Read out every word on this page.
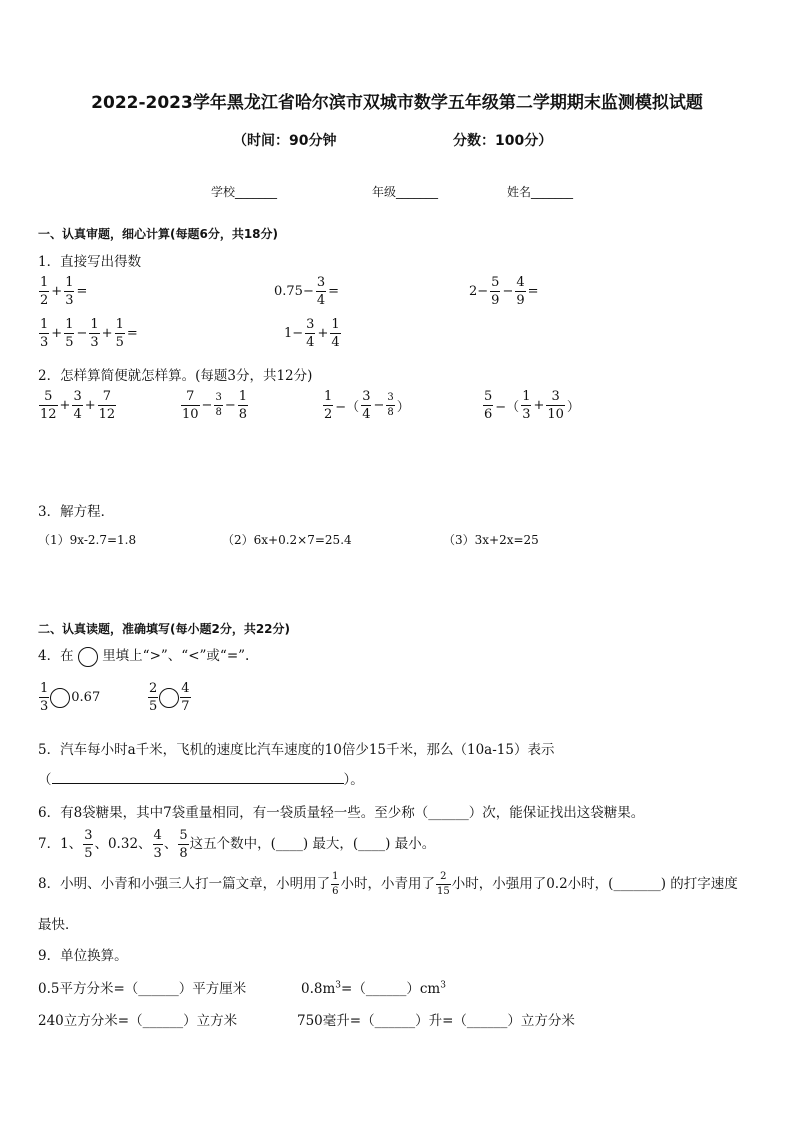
2022-2023学年黑龙江省哈尔滨市双城市数学五年级第二学期期末监测模拟试题
（时间：90分钟	分数：100分）
学校_______	年级_______	姓名_______
一、认真审题，细心计算(每题6分，共18分)
1．直接写出得数
$\frac{1}{2} + \frac{1}{3}$ =	$0.75- \frac{3}{4}$ =	$2- \frac{5}{9} - \frac{4}{9}$ =
$\frac{1}{3} + \frac{1}{5} - \frac{1}{3} + \frac{1}{5}$ =	$1- \frac{3}{4} + \frac{1}{4}$
2．怎样算简便就怎样算。(每题3分，共12分)
$\frac{5}{12} + \frac{3}{4} + \frac{7}{12}$	$\frac{7}{10} - \frac{3}{8} - \frac{1}{8}$	$\frac{1}{2}$ −（ $\frac{3}{4} - \frac{3}{8}$ ）	$\frac{5}{6}$ −（ $\frac{1}{3} + \frac{3}{10}$ ）
3．解方程．
（1）9x-2.7=1.8	（2）6x+0.2×7=25.4	（3）3x+2x=25
二、认真读题，准确填写(每小题2分，共22分)
4．在 里填上“>”、“<”或“=”.
$\frac{1}{3} 0.67$	$\frac{2}{5} \frac{4}{7}$
5．汽车每小时a千米，飞机的速度比汽车速度的10倍少15千米，那么（10a-15）表示
（	）。
6．有8袋糖果，其中7袋重量相同，有一袋质量轻一些。至少称（______）次，能保证找出这袋糖果。
7．1、 $\frac{3}{5}$ 、0.32、 $\frac{4}{3}$ 、 $\frac{5}{8}$ 这五个数中，(____) 最大，(____) 最小。
8．小明、小青和小强三人打一篇文章，小明用了 $\frac{1}{6}$ 小时，小青用了 $\frac{2}{15}$ 小时，小强用了0.2小时，(_______) 的打字速度
最快．
9．单位换算。
0.5平方分米=（______）平方厘米	$0.8m^3=(\_\_\_\_\_\_)cm^3$
240立方分米=（______）立方米	750毫升=（______）升=（______）立方分米
